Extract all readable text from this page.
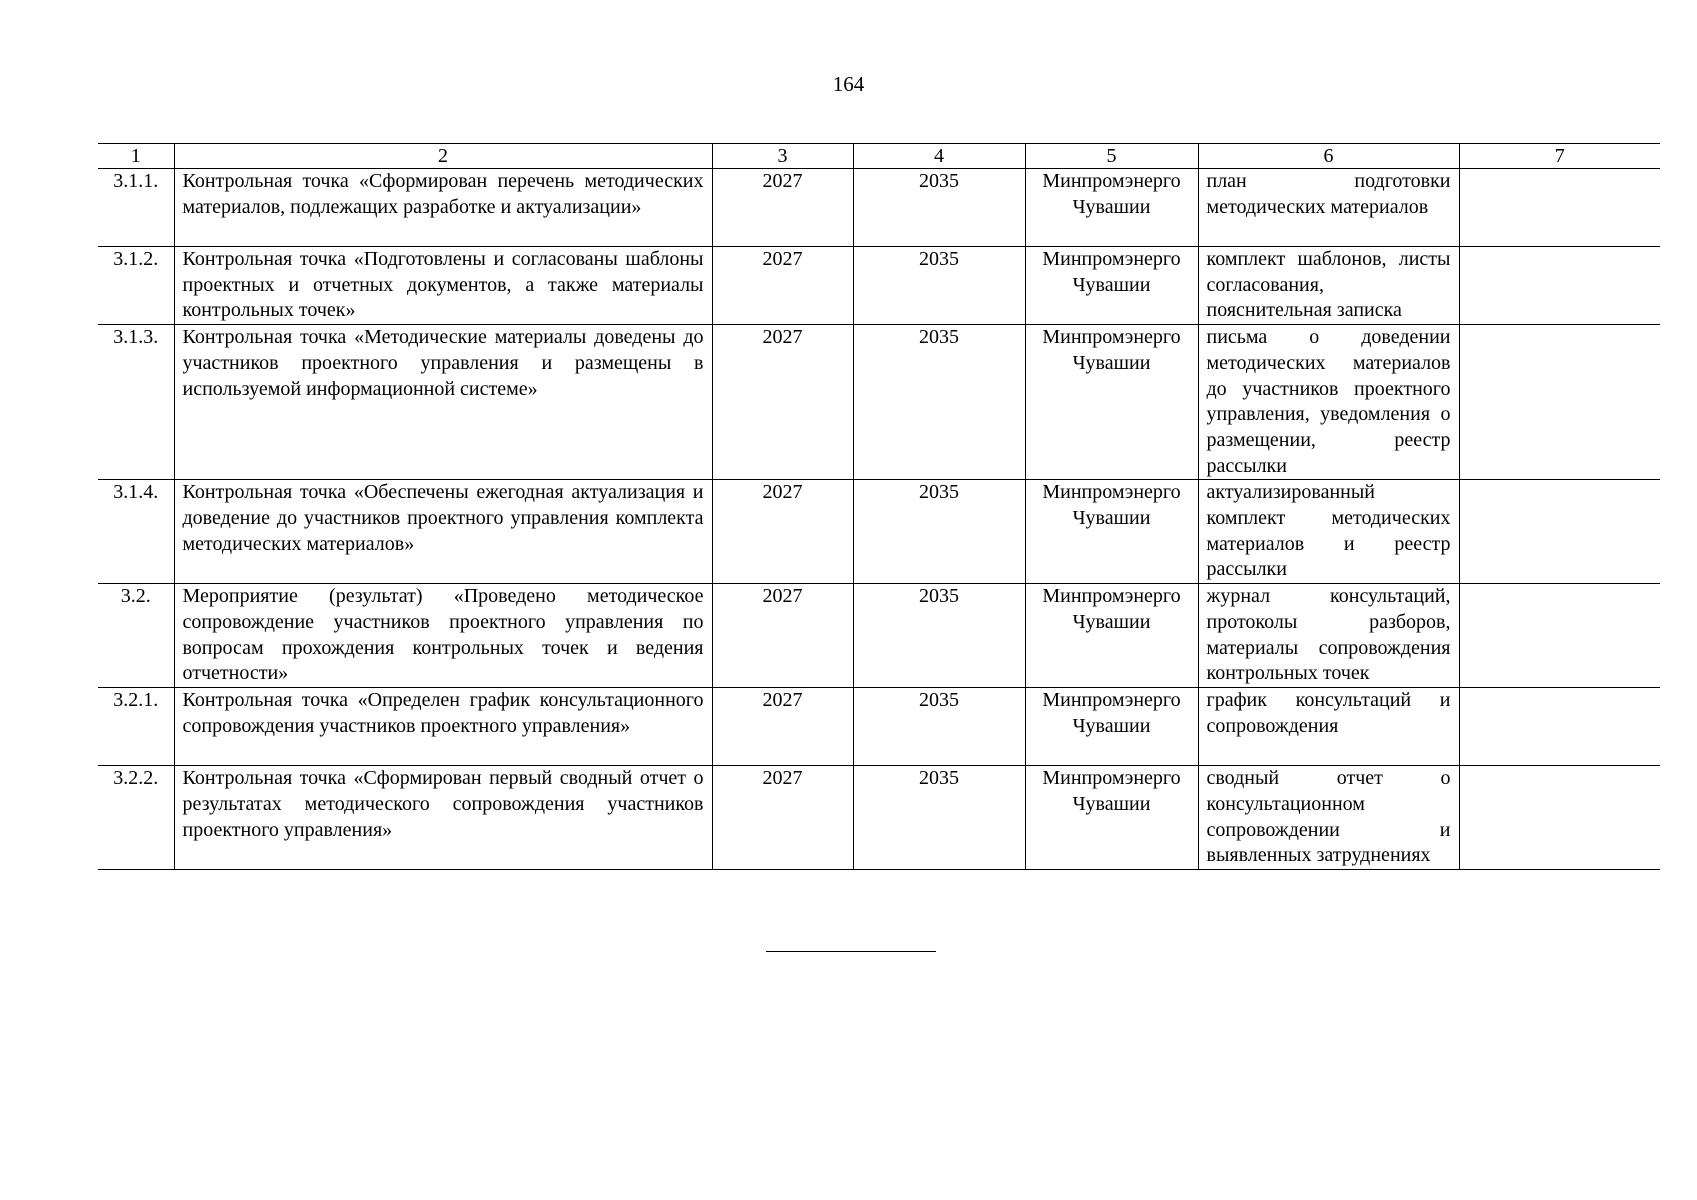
164
1	2	3	4	5	6	7
3.1.1.	Контрольная точка «Сформирован перечень методических материалов, подлежащих разработке и актуализации»	2027	2035	Минпромэнерго Чувашии	план подготовки методических материалов	
3.1.2.	Контрольная точка «Подготовлены и согласованы шаблоны проектных и отчетных документов, а также материалы контрольных точек»	2027	2035	Минпромэнерго Чувашии	комплект шаблонов, листы согласования, пояснительная записка	
3.1.3.	Контрольная точка «Методические материалы доведены до участников проектного управления и размещены в используемой информационной системе»	2027	2035	Минпромэнерго Чувашии	письма о доведении методических материалов до участников проектного управления, уведомления о размещении, реестр рассылки	
3.1.4.	Контрольная точка «Обеспечены ежегодная актуализация и доведение до участников проектного управления комплекта методических материалов»	2027	2035	Минпромэнерго Чувашии	актуализированный комплект методических материалов и реестр рассылки	
3.2.	Мероприятие (результат) «Проведено методическое сопровождение участников проектного управления по вопросам прохождения контрольных точек и ведения отчетности»	2027	2035	Минпромэнерго Чувашии	журнал консультаций, протоколы разборов, материалы сопровождения контрольных точек	
3.2.1.	Контрольная точка «Определен график консультационного сопровождения участников проектного управления»	2027	2035	Минпромэнерго Чувашии	график консультаций и сопровождения	
3.2.2.	Контрольная точка «Сформирован первый сводный отчет о результатах методического сопровождения участников проектного управления»	2027	2035	Минпромэнерго Чувашии	сводный отчет о консультационном сопровождении и выявленных затруднениях	
